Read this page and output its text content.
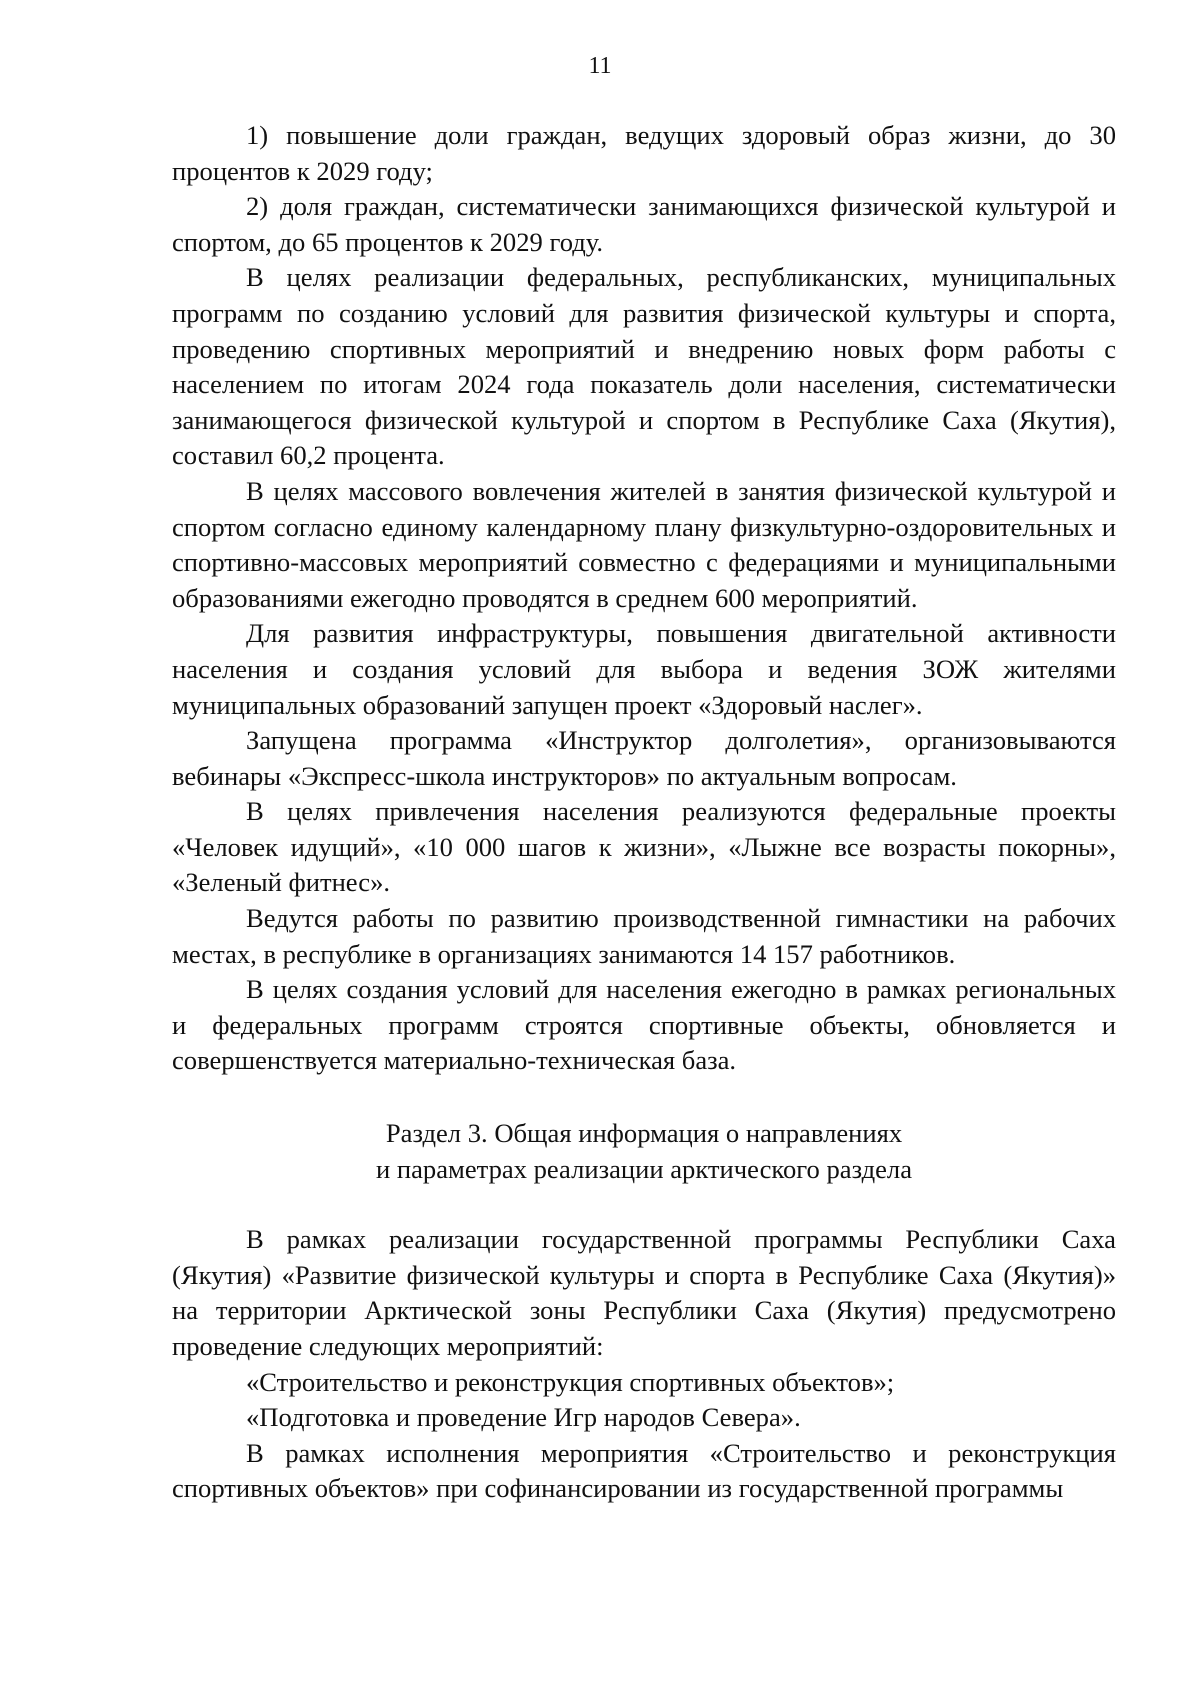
11

1) повышение доли граждан, ведущих здоровый образ жизни, до 30 процентов к 2029 году;

2) доля граждан, систематически занимающихся физической культурой и спортом, до 65 процентов к 2029 году.

В целях реализации федеральных, республиканских, муниципальных программ по созданию условий для развития физической культуры и спорта, проведению спортивных мероприятий и внедрению новых форм работы с населением по итогам 2024 года показатель доли населения, систематически занимающегося физической культурой и спортом в Республике Саха (Якутия), составил 60,2 процента.

В целях массового вовлечения жителей в занятия физической культурой и спортом согласно единому календарному плану физкультурно-оздоровительных и спортивно-массовых мероприятий совместно с федерациями и муниципальными образованиями ежегодно проводятся в среднем 600 мероприятий.

Для развития инфраструктуры, повышения двигательной активности населения и создания условий для выбора и ведения ЗОЖ жителями муниципальных образований запущен проект «Здоровый наслег».

Запущена программа «Инструктор долголетия», организовываются вебинары «Экспресс-школа инструкторов» по актуальным вопросам.

В целях привлечения населения реализуются федеральные проекты «Человек идущий», «10 000 шагов к жизни», «Лыжне все возрасты покорны», «Зеленый фитнес».

Ведутся работы по развитию производственной гимнастики на рабочих местах, в республике в организациях занимаются 14 157 работников.

В целях создания условий для населения ежегодно в рамках региональных и федеральных программ строятся спортивные объекты, обновляется и совершенствуется материально-техническая база.

Раздел 3. Общая информация о направлениях
и параметрах реализации арктического раздела

В рамках реализации государственной программы Республики Саха (Якутия) «Развитие физической культуры и спорта в Республике Саха (Якутия)» на территории Арктической зоны Республики Саха (Якутия) предусмотрено проведение следующих мероприятий:

«Строительство и реконструкция спортивных объектов»;

«Подготовка и проведение Игр народов Севера».

В рамках исполнения мероприятия «Строительство и реконструкция спортивных объектов» при софинансировании из государственной программы
